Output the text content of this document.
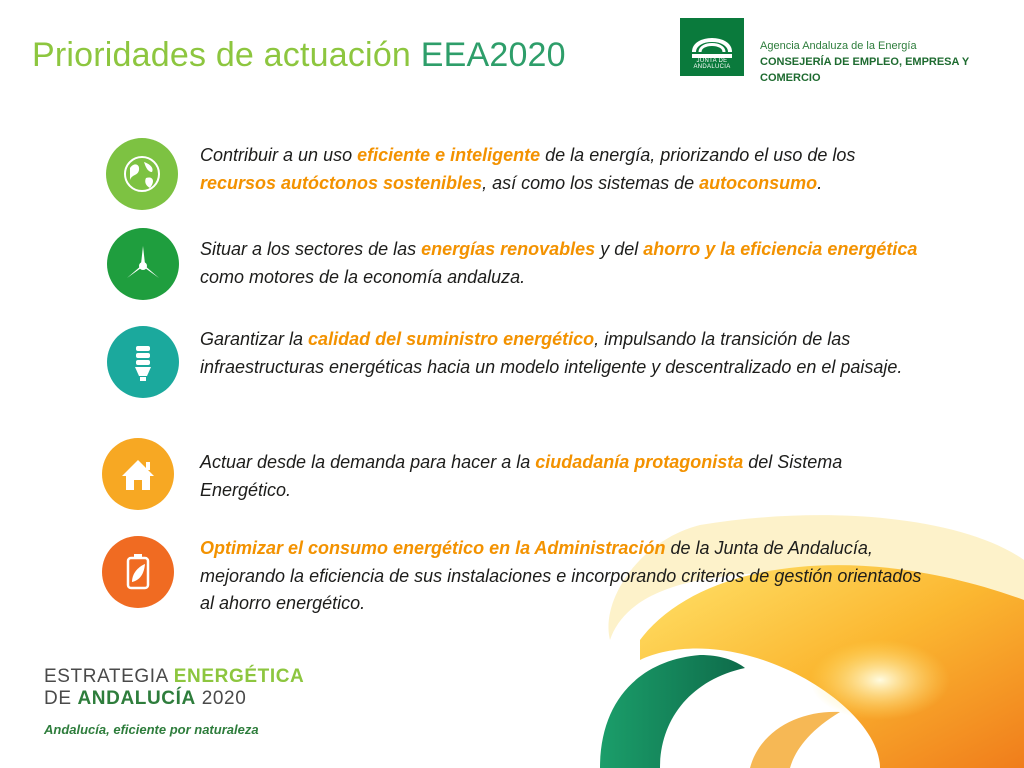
Prioridades de actuación EEA2020	JUNTA DE ANDALUCIA
Agencia Andaluza de la Energía
CONSEJERÍA DE EMPLEO, EMPRESA Y COMERCIO
Contribuir a un uso eficiente e inteligente de la energía, priorizando el uso de los recursos autóctonos sostenibles, así como los sistemas de autoconsumo.
Situar a los sectores de las energías renovables y del ahorro y la eficiencia energética como motores de la economía andaluza.
Garantizar la calidad del suministro energético, impulsando la transición de las infraestructuras energéticas hacia un modelo inteligente y descentralizado en el paisaje.
Actuar desde la demanda para hacer a la ciudadanía protagonista del Sistema Energético.
Optimizar el consumo energético en la Administración de la Junta de Andalucía, mejorando la eficiencia de sus instalaciones e incorporando criterios de gestión orientados al ahorro energético.
ESTRATEGIA ENERGÉTICA
DE ANDALUCÍA 2020
Andalucía, eficiente por naturaleza
